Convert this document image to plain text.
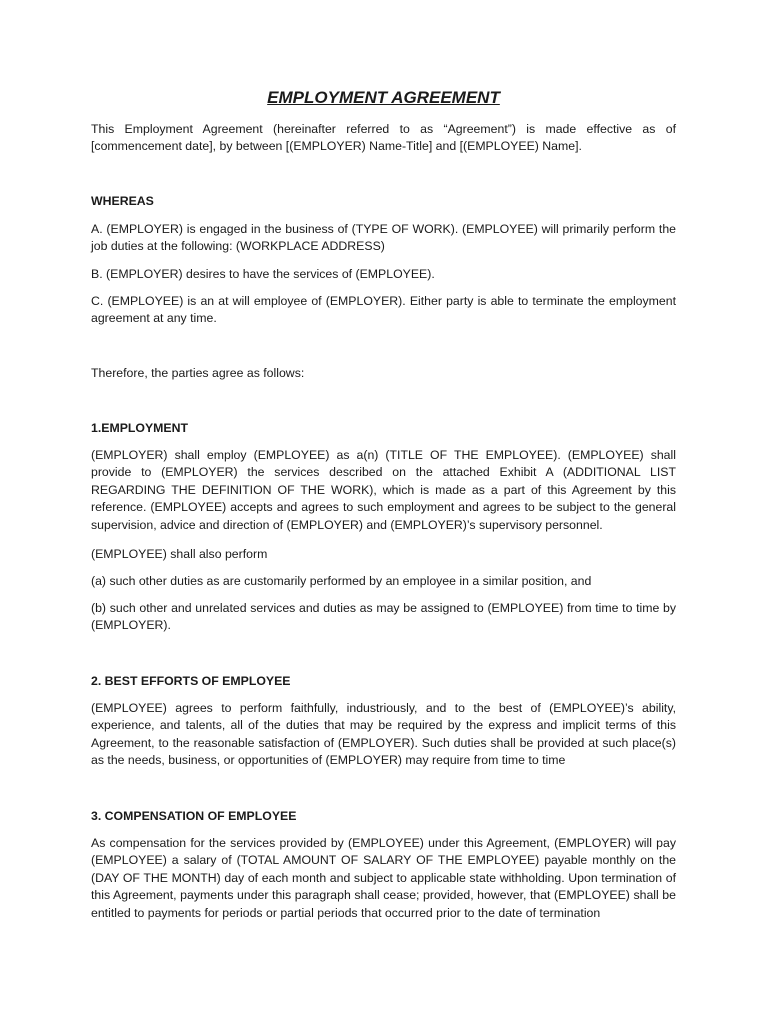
EMPLOYMENT AGREEMENT

This Employment Agreement (hereinafter referred to as “Agreement”) is made effective as of [commencement date], by between [(EMPLOYER) Name-Title] and [(EMPLOYEE) Name].

WHEREAS

A. (EMPLOYER) is engaged in the business of (TYPE OF WORK). (EMPLOYEE) will primarily perform the job duties at the following: (WORKPLACE ADDRESS)

B. (EMPLOYER) desires to have the services of (EMPLOYEE).

C. (EMPLOYEE) is an at will employee of (EMPLOYER). Either party is able to terminate the employment agreement at any time.

Therefore, the parties agree as follows:

1.EMPLOYMENT

(EMPLOYER) shall employ (EMPLOYEE) as a(n) (TITLE OF THE EMPLOYEE). (EMPLOYEE) shall provide to (EMPLOYER) the services described on the attached Exhibit A (ADDITIONAL LIST REGARDING THE DEFINITION OF THE WORK), which is made as a part of this Agreement by this reference. (EMPLOYEE) accepts and agrees to such employment and agrees to be subject to the general supervision, advice and direction of (EMPLOYER) and (EMPLOYER)’s supervisory personnel.

(EMPLOYEE) shall also perform

(a) such other duties as are customarily performed by an employee in a similar position, and

(b) such other and unrelated services and duties as may be assigned to (EMPLOYEE) from time to time by (EMPLOYER).

2. BEST EFFORTS OF EMPLOYEE

(EMPLOYEE) agrees to perform faithfully, industriously, and to the best of (EMPLOYEE)’s ability, experience, and talents, all of the duties that may be required by the express and implicit terms of this Agreement, to the reasonable satisfaction of (EMPLOYER). Such duties shall be provided at such place(s) as the needs, business, or opportunities of (EMPLOYER) may require from time to time

3. COMPENSATION OF EMPLOYEE

As compensation for the services provided by (EMPLOYEE) under this Agreement, (EMPLOYER) will pay (EMPLOYEE) a salary of (TOTAL AMOUNT OF SALARY OF THE EMPLOYEE) payable monthly on the (DAY OF THE MONTH) day of each month and subject to applicable state withholding. Upon termination of this Agreement, payments under this paragraph shall cease; provided, however, that (EMPLOYEE) shall be entitled to payments for periods or partial periods that occurred prior to the date of termination
